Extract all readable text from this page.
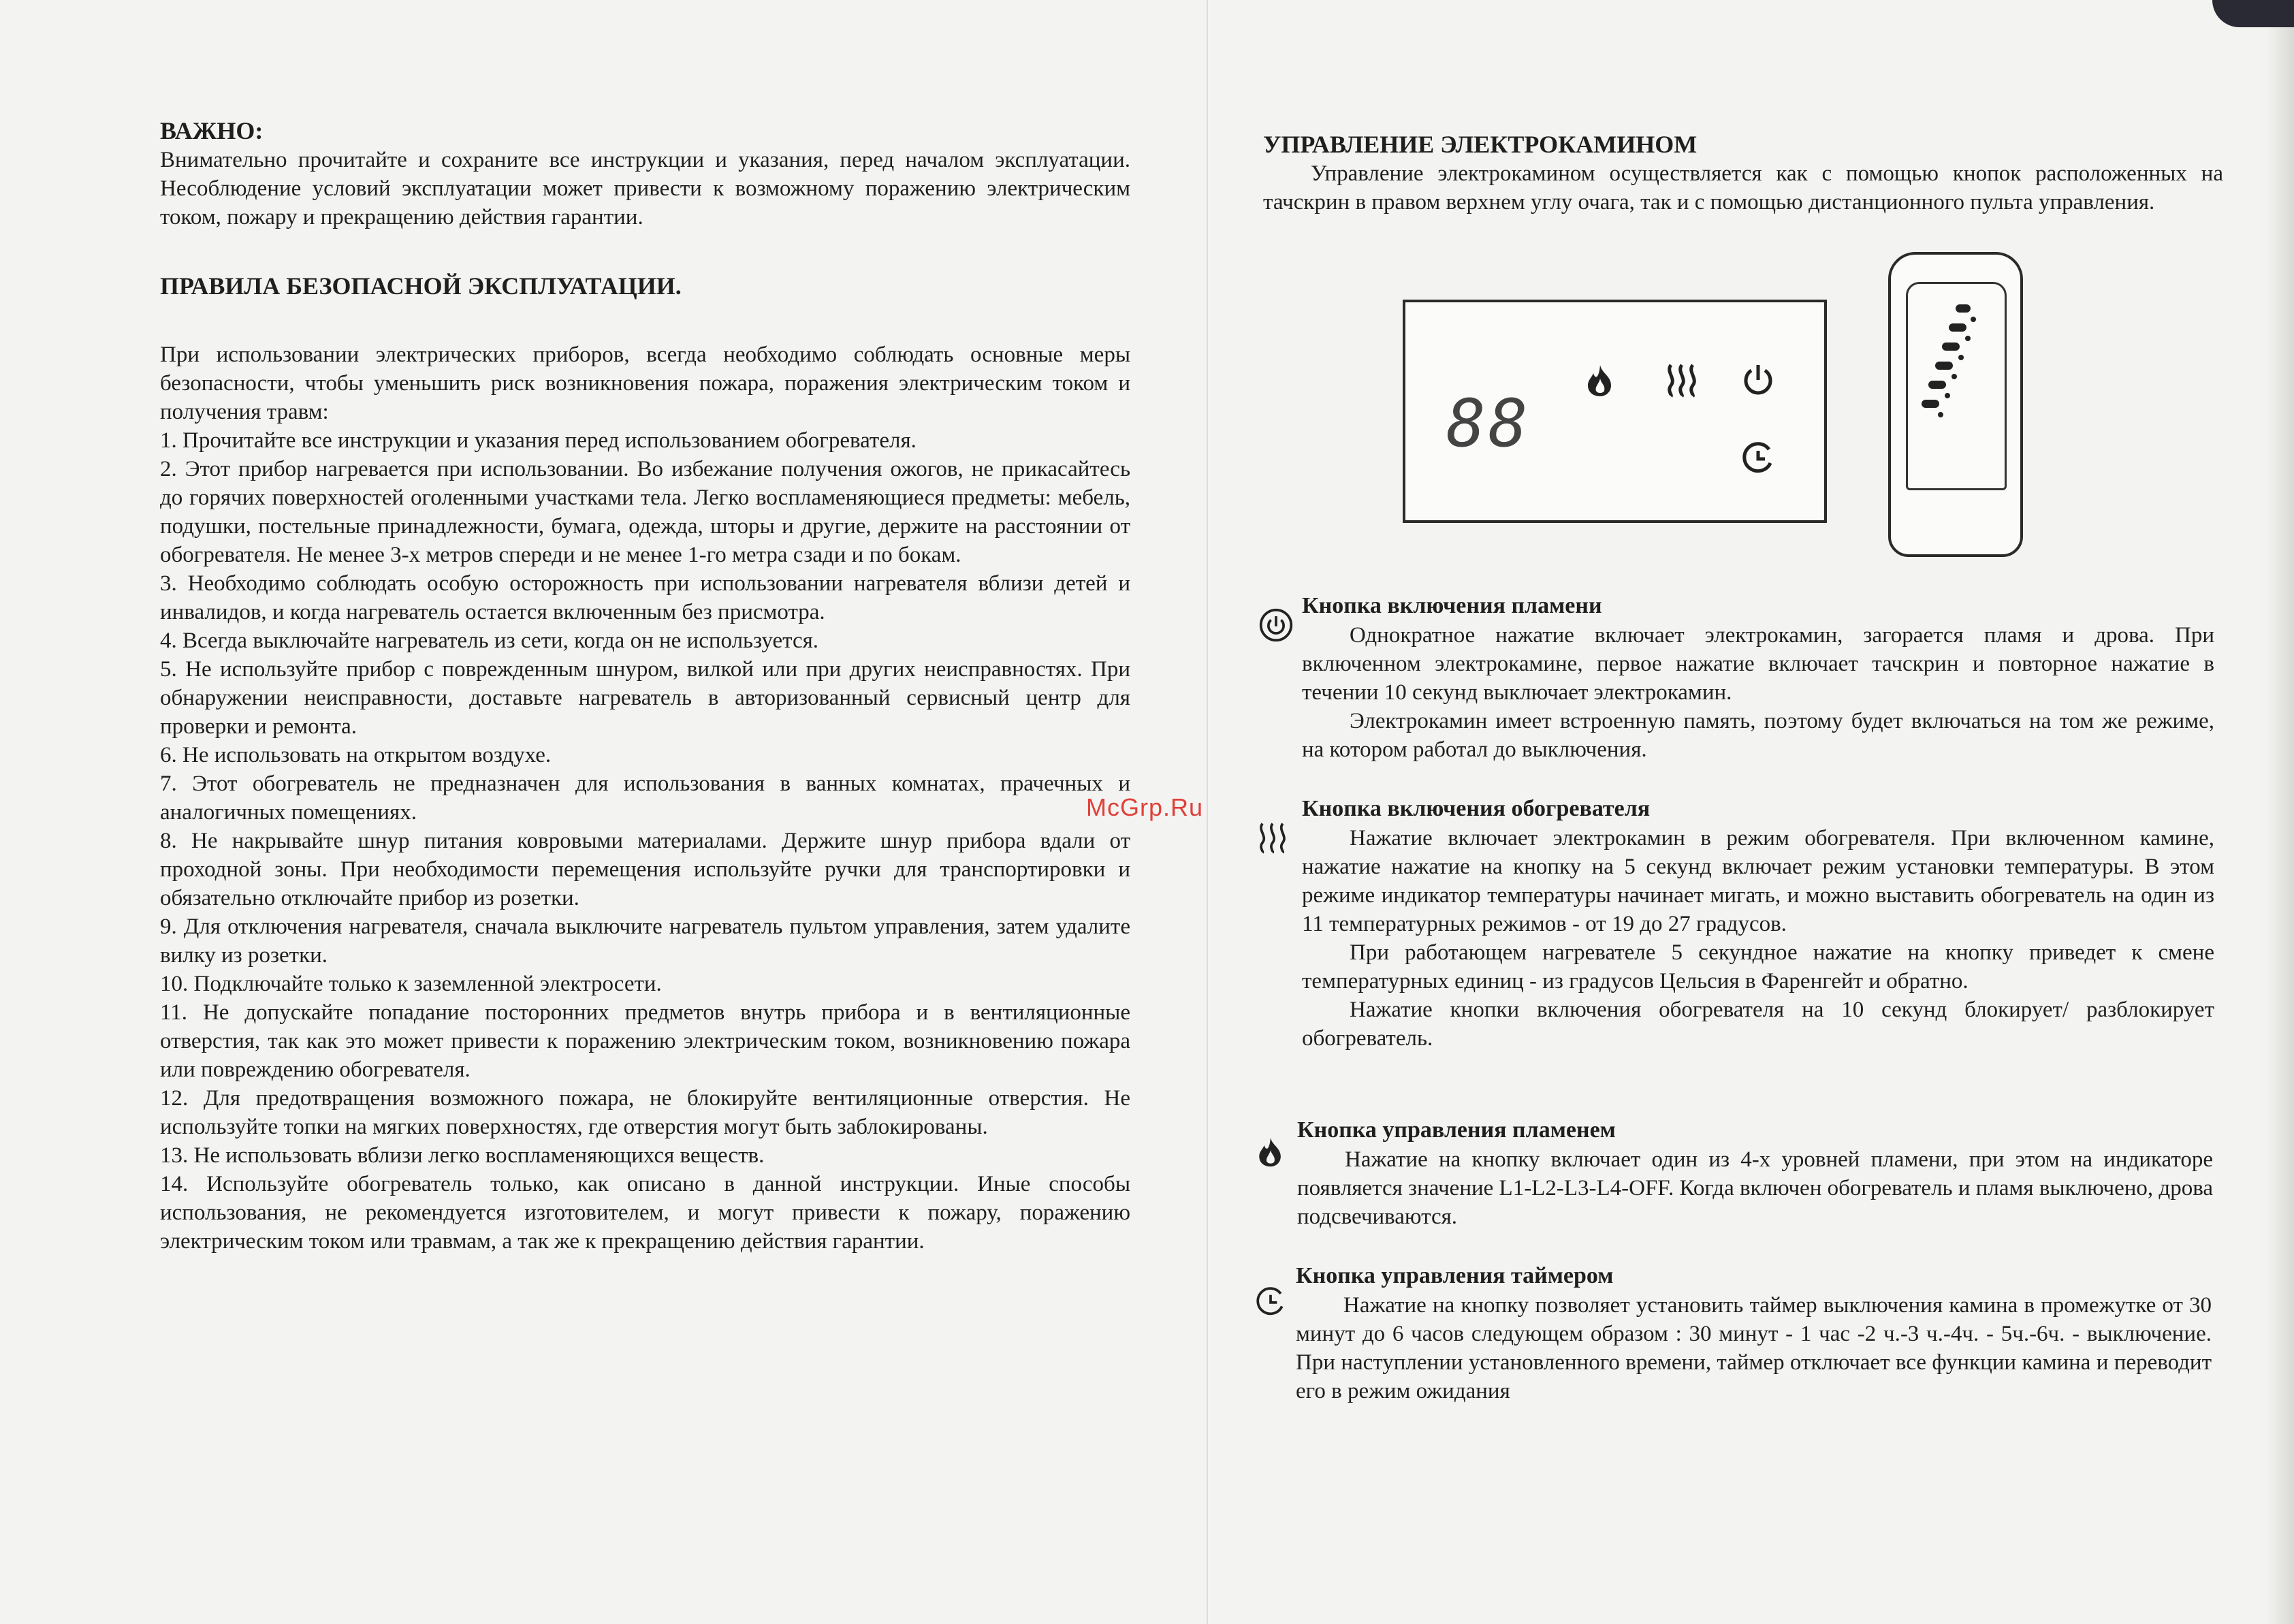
ВАЖНО:

Внимательно прочитайте и сохраните все инструкции и указания, перед началом эксплуатации. Несоблюдение условий эксплуатации может привести к возможному поражению электрическим током, пожару и прекращению действия гарантии.

ПРАВИЛА БЕЗОПАСНОЙ ЭКСПЛУАТАЦИИ.

При использовании электрических приборов, всегда необходимо соблюдать основные меры безопасности, чтобы уменьшить риск возникновения пожара, поражения электрическим током и получения травм:

1. Прочитайте все инструкции и указания перед использованием обогревателя.
2. Этот прибор нагревается при использовании. Во избежание получения ожогов, не прикасайтесь до горячих поверхностей оголенными участками тела. Легко воспламеняющиеся предметы: мебель, подушки, постельные принадлежности, бумага, одежда, шторы и другие, держите на расстоянии от обогревателя. Не менее 3-х метров спереди и не менее 1-го метра сзади и по бокам.
3. Необходимо соблюдать особую осторожность при использовании нагревателя вблизи детей и инвалидов, и когда нагреватель остается включенным без присмотра.
4. Всегда выключайте нагреватель из сети, когда он не используется.
5. Не используйте прибор с поврежденным шнуром, вилкой или при других неисправностях. При обнаружении неисправности, доставьте нагреватель в авторизованный сервисный центр для проверки и ремонта.
6. Не использовать на открытом воздухе.
7. Этот обогреватель не предназначен для использования в ванных комнатах, прачечных и аналогичных помещениях.
8. Не накрывайте шнур питания ковровыми материалами. Держите шнур прибора вдали от проходной зоны. При необходимости перемещения используйте ручки для транспортировки и обязательно отключайте прибор из розетки.
9. Для отключения нагревателя, сначала выключите нагреватель пультом управления, затем удалите вилку из розетки.
10. Подключайте только к заземленной электросети.
11. Не допускайте попадание посторонних предметов внутрь прибора и в вентиляционные отверстия, так как это может привести к поражению электрическим током, возникновению пожара или повреждению обогревателя.
12. Для предотвращения возможного пожара, не блокируйте вентиляционные отверстия. Не используйте топки на мягких поверхностях, где отверстия могут быть заблокированы.
13. Не использовать вблизи легко воспламеняющихся веществ.
14. Используйте обогреватель только, как описано в данной инструкции. Иные способы использования, не рекомендуется изготовителем, и могут привести к пожару, поражению электрическим током или травмам, а так же к прекращению действия гарантии.
McGrp.Ru
УПРАВЛЕНИЕ ЭЛЕКТРОКАМИНОМ

Управление электрокамином осуществляется как с помощью кнопок расположенных на тачскрин в правом верхнем углу очага, так и с помощью дистанционного пульта управления.

88
Кнопка включения пламени

Однократное нажатие включает электрокамин, загорается пламя и дрова. При включенном электрокамине, первое нажатие включает тачскрин и повторное нажатие в течении 10 секунд выключает электрокамин.

Электрокамин имеет встроенную память, поэтому будет включаться на том же режиме, на котором работал до выключения.

Кнопка включения обогревателя

Нажатие включает электрокамин в режим обогревателя. При включенном камине, нажатие нажатие на кнопку на 5 секунд включает режим установки температуры. В этом режиме индикатор температуры начинает мигать, и можно выставить обогреватель на один из 11 температурных режимов - от 19 до 27 градусов.

При работающем нагревателе 5 секундное нажатие на кнопку приведет к смене температурных единиц - из градусов Цельсия в Фаренгейт и обратно.

Нажатие кнопки включения обогревателя на 10 секунд блокирует/ разблокирует обогреватель.

Кнопка управления пламенем

Нажатие на кнопку включает один из 4-х уровней пламени, при этом на индикаторе появляется значение L1-L2-L3-L4-OFF. Когда включен обогреватель и пламя выключено, дрова подсвечиваются.

Кнопка управления таймером

Нажатие на кнопку позволяет установить таймер выключения камина в промежутке от 30 минут до 6 часов следующем образом : 30 минут - 1 час -2 ч.-3 ч.-4ч. - 5ч.-6ч. - выключение. При наступлении установленного времени, таймер отключает все функции камина и переводит его в режим ожидания
